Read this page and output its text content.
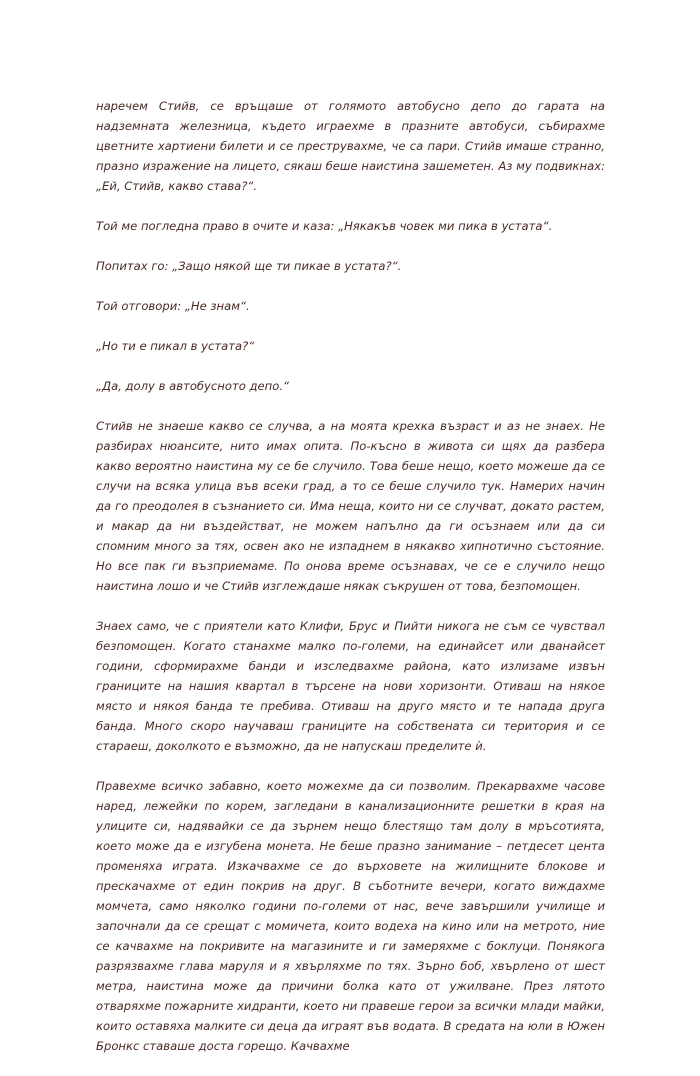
наречем Стийв, се връщаше от голямото автобусно депо до гарата на надземната железница, където играехме в празните автобуси, събирахме цветните хартиени билети и се преструвахме, че са пари. Стийв имаше странно, празно изражение на лицето, сякаш беше наистина зашеметен. Аз му подвикнах: „Ей, Стийв, какво става?“.

Той ме погледна право в очите и каза: „Някакъв човек ми пика в устата“.

Попитах го: „Защо някой ще ти пикае в устата?“.

Той отговори: „Не знам“.

„Но ти е пикал в устата?“

„Да, долу в автобусното депо.“

Стийв не знаеше какво се случва, а на моята крехка възраст и аз не знаех. Не разбирах нюансите, нито имах опита. По-късно в живота си щях да разбера какво вероятно наистина му се бе случило. Това беше нещо, което можеше да се случи на всяка улица във всеки град, а то се беше случило тук. Намерих начин да го преодолея в съзнанието си. Има неща, които ни се случват, докато растем, и макар да ни въздействат, не можем напълно да ги осъзнаем или да си спомним много за тях, освен ако не изпаднем в някакво хипнотично състояние. Но все пак ги възприемаме. По онова време осъзнавах, че се е случило нещо наистина лошо и че Стийв изглеждаше някак съкрушен от това, безпомощен.

Знаех само, че с приятели като Клифи, Брус и Пийти никога не съм се чувствал безпомощен. Когато станахме малко по-големи, на единайсет или дванайсет години, сформирахме банди и изследвахме района, като излизаме извън границите на нашия квартал в търсене на нови хоризонти. Отиваш на някое място и някоя банда те пребива. Отиваш на друго място и те напада друга банда. Много скоро научаваш границите на собствената си територия и се стараеш, доколкото е възможно, да не напускаш пределите ѝ.

Правехме всичко забавно, което можехме да си позволим. Прекарвахме часове наред, лежейки по корем, загледани в канализационните решетки в края на улиците си, надявайки се да зърнем нещо блестящо там долу в мръсотията, което може да е изгубена монета. Не беше празно занимание – петдесет цента променяха играта. Изкачвахме се до върховете на жилищните блокове и прескачахме от един покрив на друг. В съботните вечери, когато виждахме момчета, само няколко години по-големи от нас, вече завършили училище и започнали да се срещат с момичета, които водеха на кино или на метрото, ние се качвахме на покривите на магазините и ги замеряхме с боклуци. Понякога разрязвахме глава маруля и я хвърляхме по тях. Зърно боб, хвърлено от шест метра, наистина може да причини болка като от ужилване. През лятото отваряхме пожарните хидранти, което ни правеше герои за всички млади майки, които оставяха малките си деца да играят във водата. В средата на юли в Южен Бронкс ставаше доста горещо. Качвахме
